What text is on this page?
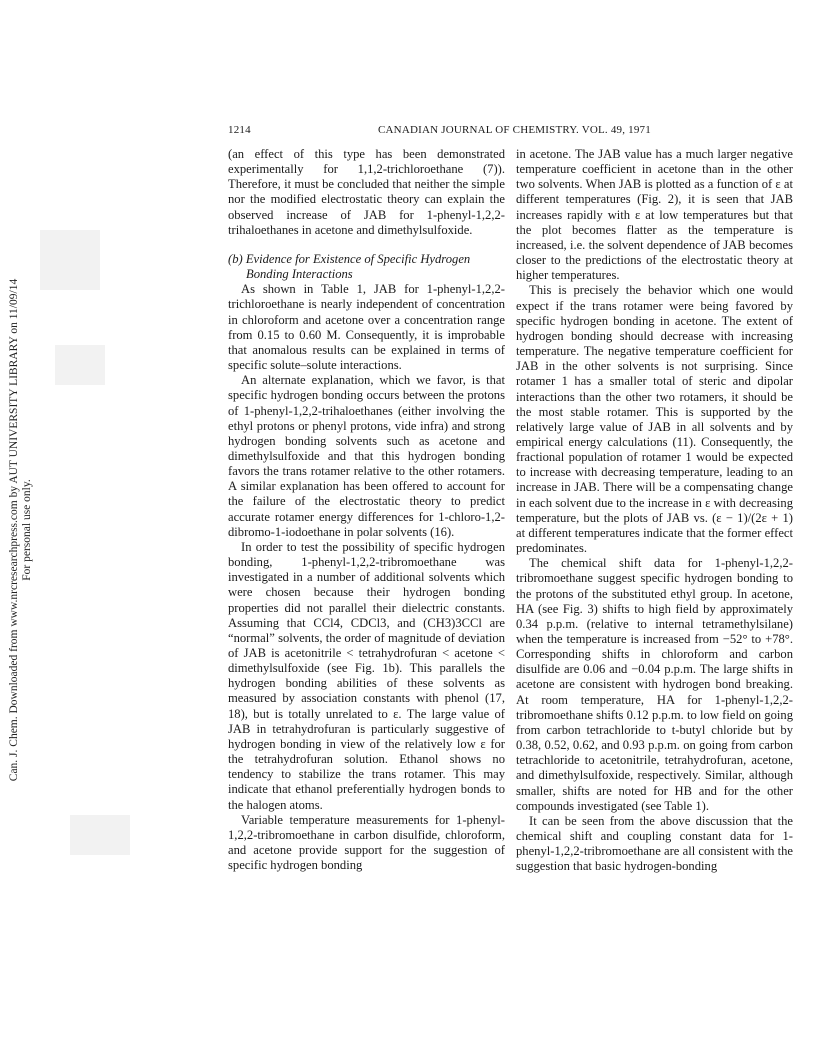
Can. J. Chem. Downloaded from www.nrcresearchpress.com by AUT UNIVERSITY LIBRARY on 11/09/14 For personal use only.
1214	CANADIAN JOURNAL OF CHEMISTRY. VOL. 49, 1971

(an effect of this type has been demonstrated experimentally for 1,1,2-trichloroethane (7)). Therefore, it must be concluded that neither the simple nor the modified electrostatic theory can explain the observed increase of JAB for 1-phenyl-1,2,2-trihaloethanes in acetone and dimethylsulfoxide.

(b) Evidence for Existence of Specific Hydrogen
Bonding Interactions

As shown in Table 1, JAB for 1-phenyl-1,2,2-trichloroethane is nearly independent of concentration in chloroform and acetone over a concentration range from 0.15 to 0.60 M. Consequently, it is improbable that anomalous results can be explained in terms of specific solute–solute interactions.

An alternate explanation, which we favor, is that specific hydrogen bonding occurs between the protons of 1-phenyl-1,2,2-trihaloethanes (either involving the ethyl protons or phenyl protons, vide infra) and strong hydrogen bonding solvents such as acetone and dimethylsulfoxide and that this hydrogen bonding favors the trans rotamer relative to the other rotamers. A similar explanation has been offered to account for the failure of the electrostatic theory to predict accurate rotamer energy differences for 1-chloro-1,2-dibromo-1-iodoethane in polar solvents (16).

In order to test the possibility of specific hydrogen bonding, 1-phenyl-1,2,2-tribromoethane was investigated in a number of additional solvents which were chosen because their hydrogen bonding properties did not parallel their dielectric constants. Assuming that CCl4, CDCl3, and (CH3)3CCl are “normal” solvents, the order of magnitude of deviation of JAB is acetonitrile < tetrahydrofuran < acetone < dimethylsulfoxide (see Fig. 1b). This parallels the hydrogen bonding abilities of these solvents as measured by association constants with phenol (17, 18), but is totally unrelated to ε. The large value of JAB in tetrahydrofuran is particularly suggestive of hydrogen bonding in view of the relatively low ε for the tetrahydrofuran solution. Ethanol shows no tendency to stabilize the trans rotamer. This may indicate that ethanol preferentially hydrogen bonds to the halogen atoms.

Variable temperature measurements for 1-phenyl-1,2,2-tribromoethane in carbon disulfide, chloroform, and acetone provide support for the suggestion of specific hydrogen bonding

in acetone. The JAB value has a much larger negative temperature coefficient in acetone than in the other two solvents. When JAB is plotted as a function of ε at different temperatures (Fig. 2), it is seen that JAB increases rapidly with ε at low temperatures but that the plot becomes flatter as the temperature is increased, i.e. the solvent dependence of JAB becomes closer to the predictions of the electrostatic theory at higher temperatures.

This is precisely the behavior which one would expect if the trans rotamer were being favored by specific hydrogen bonding in acetone. The extent of hydrogen bonding should decrease with increasing temperature. The negative temperature coefficient for JAB in the other solvents is not surprising. Since rotamer 1 has a smaller total of steric and dipolar interactions than the other two rotamers, it should be the most stable rotamer. This is supported by the relatively large value of JAB in all solvents and by empirical energy calculations (11). Consequently, the fractional population of rotamer 1 would be expected to increase with decreasing temperature, leading to an increase in JAB. There will be a compensating change in each solvent due to the increase in ε with decreasing temperature, but the plots of JAB vs. (ε − 1)/(2ε + 1) at different temperatures indicate that the former effect predominates.

The chemical shift data for 1-phenyl-1,2,2-tribromoethane suggest specific hydrogen bonding to the protons of the substituted ethyl group. In acetone, HA (see Fig. 3) shifts to high field by approximately 0.34 p.p.m. (relative to internal tetramethylsilane) when the temperature is increased from −52° to +78°. Corresponding shifts in chloroform and carbon disulfide are 0.06 and −0.04 p.p.m. The large shifts in acetone are consistent with hydrogen bond breaking. At room temperature, HA for 1-phenyl-1,2,2-tribromoethane shifts 0.12 p.p.m. to low field on going from carbon tetrachloride to t-butyl chloride but by 0.38, 0.52, 0.62, and 0.93 p.p.m. on going from carbon tetrachloride to acetonitrile, tetrahydrofuran, acetone, and dimethylsulfoxide, respectively. Similar, although smaller, shifts are noted for HB and for the other compounds investigated (see Table 1).

It can be seen from the above discussion that the chemical shift and coupling constant data for 1-phenyl-1,2,2-tribromoethane are all consistent with the suggestion that basic hydrogen-bonding
